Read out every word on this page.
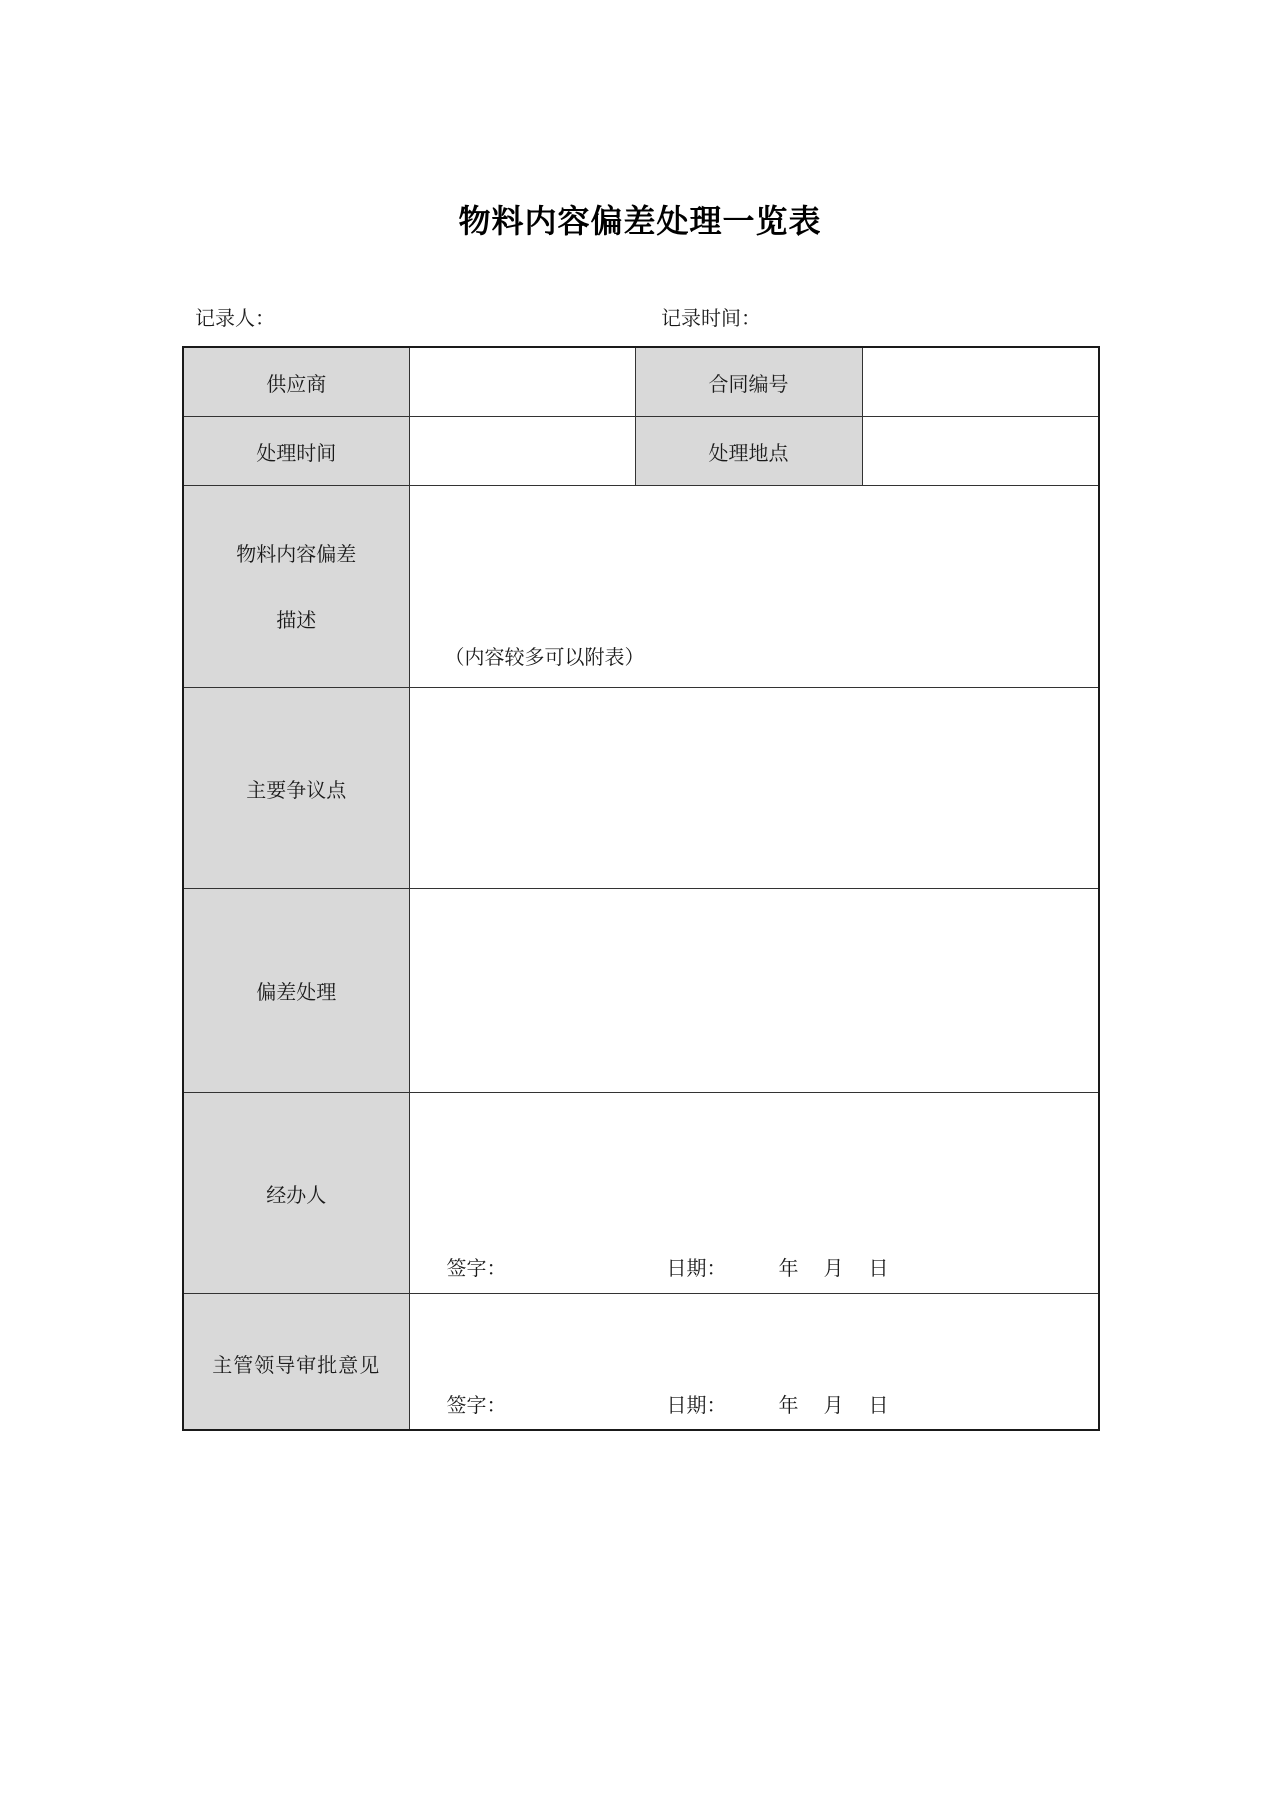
物料内容偏差处理一览表
记录人：	记录时间：
供应商		合同编号	
处理时间		处理地点	

物料内容偏差
描述	（内容较多可以附表）		

主要争议点			
偏差处理			
经办人	签字： 日期： 年 月 日		

主管领导审批意见	签字： 日期： 年 月 日		
